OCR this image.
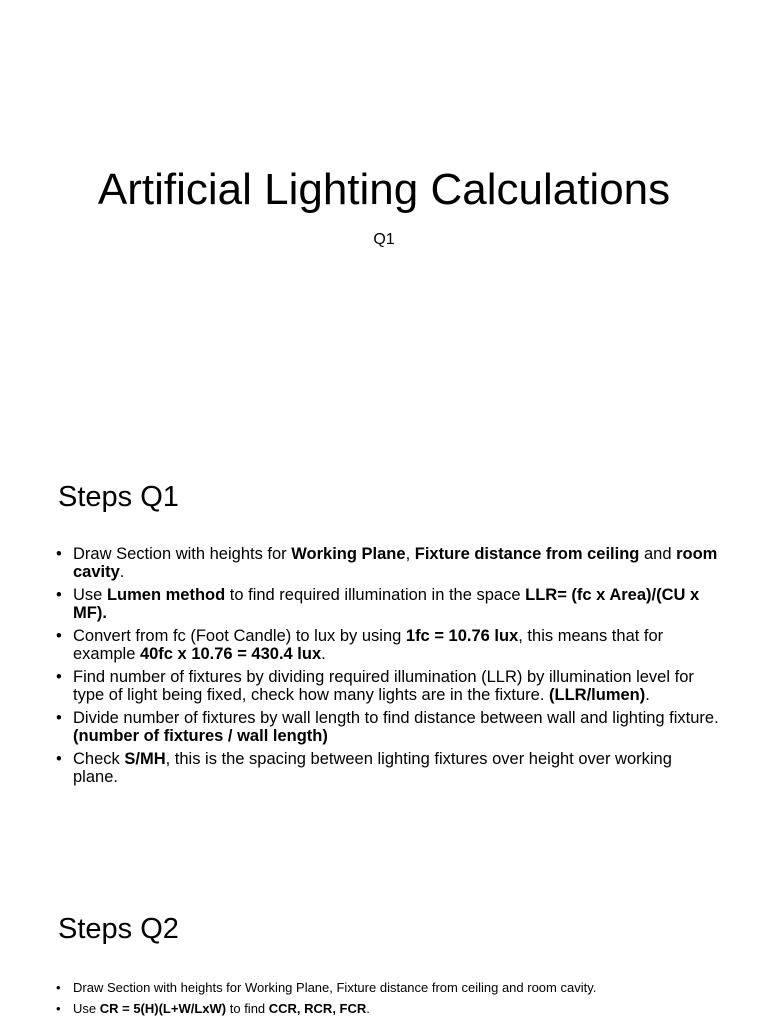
Artificial Lighting Calculations
Q1
Steps Q1
• Draw Section with heights for Working Plane, Fixture distance from ceiling and room cavity.
• Use Lumen method to find required illumination in the space LLR= (fc x Area)/(CU x MF).
• Convert from fc (Foot Candle) to lux by using 1fc = 10.76 lux, this means that for example 40fc x 10.76 = 430.4 lux.
• Find number of fixtures by dividing required illumination (LLR) by illumination level for type of light being fixed, check how many lights are in the fixture. (LLR/lumen).
• Divide number of fixtures by wall length to find distance between wall and lighting fixture. (number of fixtures / wall length)
• Check S/MH, this is the spacing between lighting fixtures over height over working plane.
Steps Q2
• Draw Section with heights for Working Plane, Fixture distance from ceiling and room cavity.
• Use CR = 5(H)(L+W/LxW) to find CCR, RCR, FCR.
